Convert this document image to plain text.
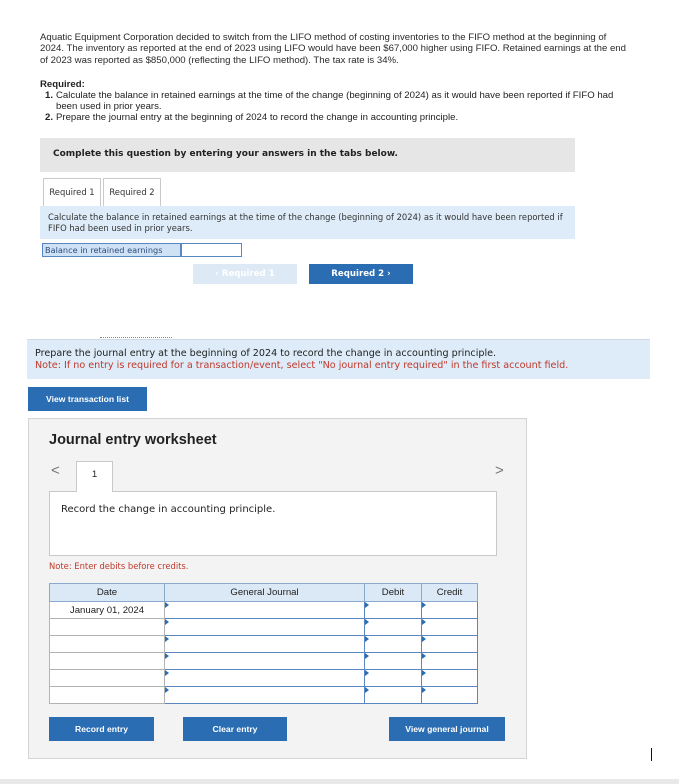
Aquatic Equipment Corporation decided to switch from the LIFO method of costing inventories to the FIFO method at the beginning of 2024. The inventory as reported at the end of 2023 using LIFO would have been $67,000 higher using FIFO. Retained earnings at the end of 2023 was reported as $850,000 (reflecting the LIFO method). The tax rate is 34%.
Required:
1. Calculate the balance in retained earnings at the time of the change (beginning of 2024) as it would have been reported if FIFO had been used in prior years.
2. Prepare the journal entry at the beginning of 2024 to record the change in accounting principle.
Complete this question by entering your answers in the tabs below.
Required 1	Required 2
Calculate the balance in retained earnings at the time of the change (beginning of 2024) as it would have been reported if FIFO had been used in prior years.
Balance in retained earnings
‹ Required 1	Required 2 ›
Prepare the journal entry at the beginning of 2024 to record the change in accounting principle.
Note: If no entry is required for a transaction/event, select "No journal entry required" in the first account field.
View transaction list
Journal entry worksheet
<	>
1
Record the change in accounting principle.
Note: Enter debits before credits.
Date	General Journal	Debit	Credit
January 01, 2024			

Record entry	Clear entry	View general journal
